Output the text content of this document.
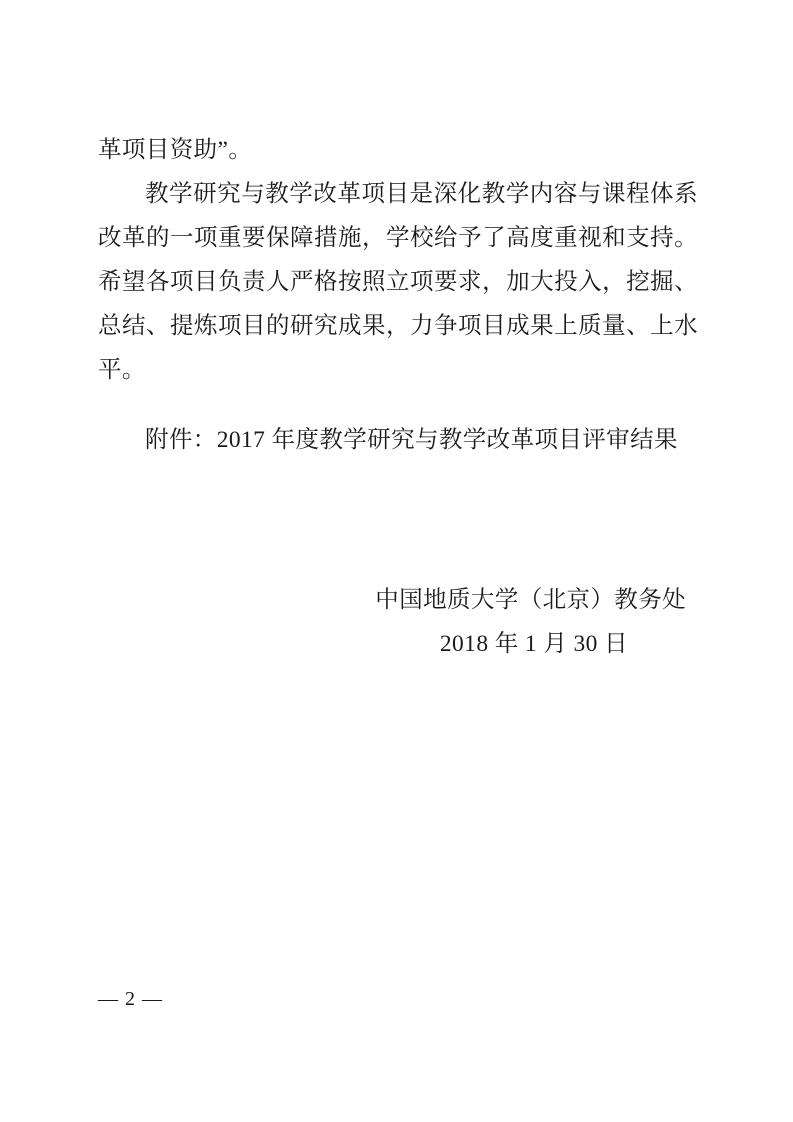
革项目资助”。

教学研究与教学改革项目是深化教学内容与课程体系改革的一项重要保障措施，学校给予了高度重视和支持。希望各项目负责人严格按照立项要求，加大投入，挖掘、总结、提炼项目的研究成果，力争项目成果上质量、上水平。

附件：2017 年度教学研究与教学改革项目评审结果

中国地质大学（北京）教务处
2018 年 1 月 30 日
— 2 —
